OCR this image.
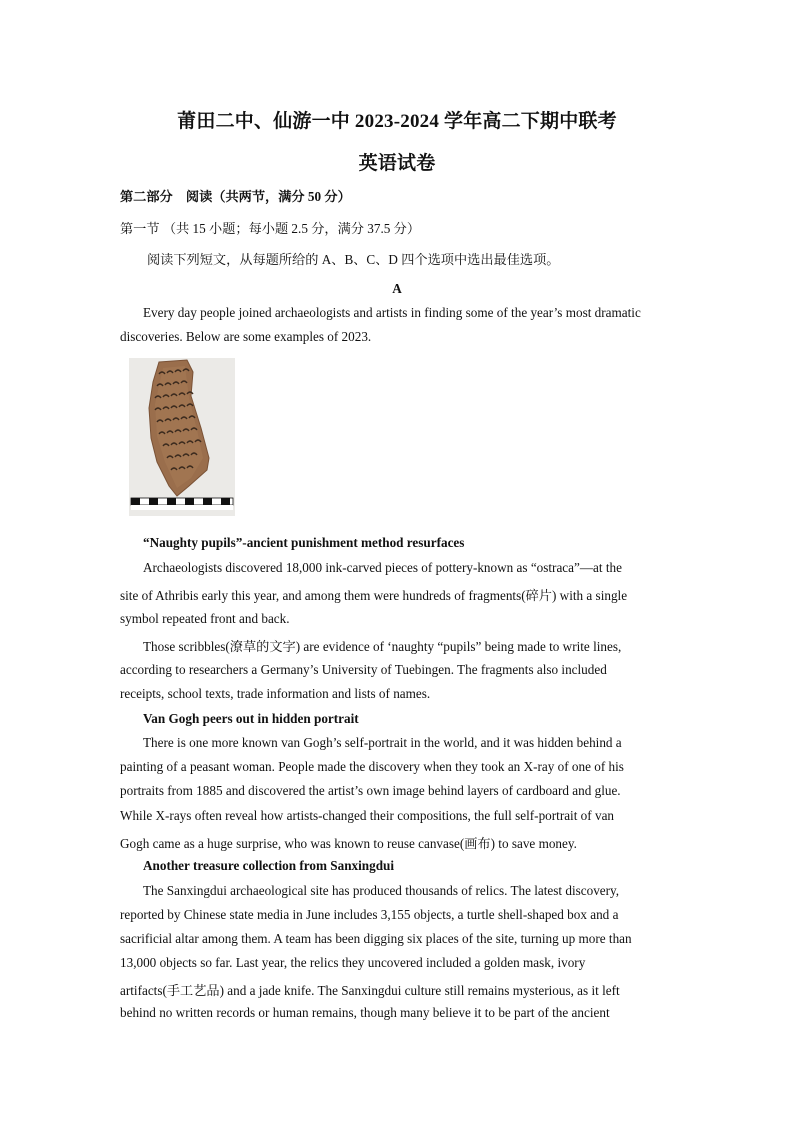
莆田二中、仙游一中 2023-2024 学年高二下期中联考
英语试卷
第二部分　阅读（共两节，满分 50 分）
第一节 （共 15 小题；每小题 2.5 分，满分 37.5 分）
阅读下列短文，从每题所给的 A、B、C、D 四个选项中选出最佳选项。
A
Every day people joined archaeologists and artists in finding some of the year’s most dramatic
discoveries. Below are some examples of 2023.
“Naughty pupils”-ancient punishment method resurfaces
Archaeologists discovered 18,000 ink-carved pieces of pottery-known as “ostraca”—at the
site of Athribis early this year, and among them were hundreds of fragments(碎片) with a single
symbol repeated front and back.
Those scribbles(潦草的文字) are evidence of ‘naughty “pupils” being made to write lines,
according to researchers a Germany’s University of Tuebingen. The fragments also included
receipts, school texts, trade information and lists of names.
Van Gogh peers out in hidden portrait
There is one more known van Gogh’s self-portrait in the world, and it was hidden behind a
painting of a peasant woman. People made the discovery when they took an X-ray of one of his
portraits from 1885 and discovered the artist’s own image behind layers of cardboard and glue.
While X-rays often reveal how artists-changed their compositions, the full self-portrait of van
Gogh came as a huge surprise, who was known to reuse canvase(画布) to save money.
Another treasure collection from Sanxingdui
The Sanxingdui archaeological site has produced thousands of relics. The latest discovery,
reported by Chinese state media in June includes 3,155 objects, a turtle shell-shaped box and a
sacrificial altar among them. A team has been digging six places of the site, turning up more than
13,000 objects so far. Last year, the relics they uncovered included a golden mask, ivory
artifacts(手工艺品) and a jade knife. The Sanxingdui culture still remains mysterious, as it left
behind no written records or human remains, though many believe it to be part of the ancient
